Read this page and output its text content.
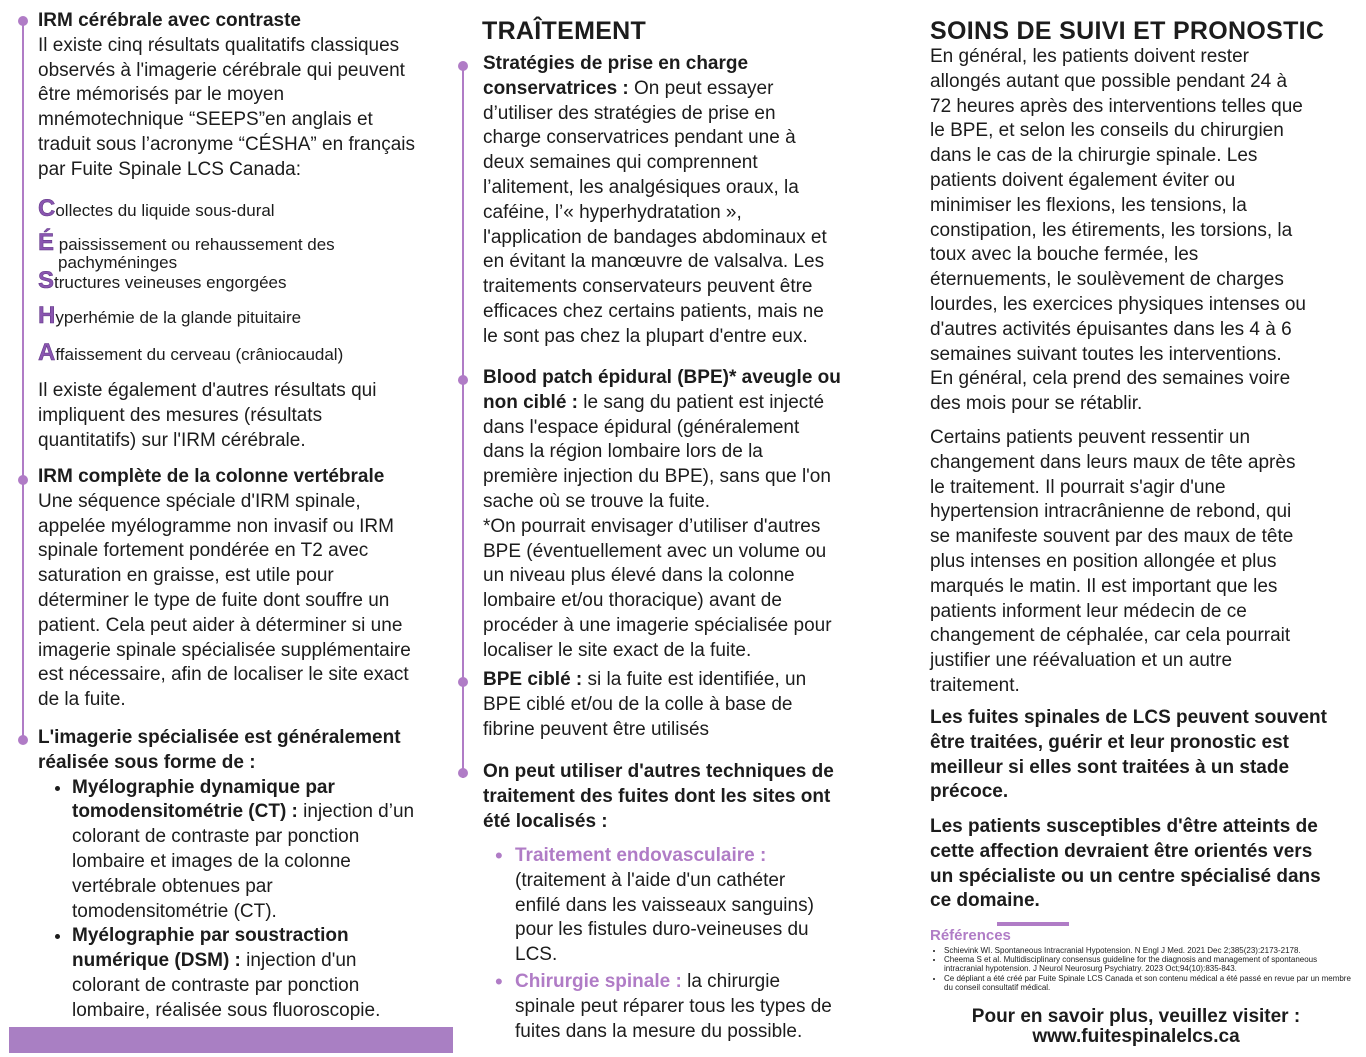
IRM cérébrale avec contraste
Il existe cinq résultats qualitatifs classiques
observés à l'imagerie cérébrale qui peuvent
être mémorisés par le moyen
mnémotechnique “SEEPS”en anglais et
traduit sous l’acronyme “CÉSHA” en français
par Fuite Spinale LCS Canada:
Collectes du liquide sous-dural
É paississement ou rehaussement des
pachyméninges
Structures veineuses engorgées
Hyperhémie de la glande pituitaire
Affaissement du cerveau (crâniocaudal)
Il existe également d'autres résultats qui
impliquent des mesures (résultats
quantitatifs) sur l'IRM cérébrale.
IRM complète de la colonne vertébrale
Une séquence spéciale d'IRM spinale,
appelée myélogramme non invasif ou IRM
spinale fortement pondérée en T2 avec
saturation en graisse, est utile pour
déterminer le type de fuite dont souffre un
patient. Cela peut aider à déterminer si une
imagerie spinale spécialisée supplémentaire
est nécessaire, afin de localiser le site exact
de la fuite.
L'imagerie spécialisée est généralement
réalisée sous forme de :
• Myélographie dynamique par
tomodensitométrie (CT) : injection d’un
colorant de contraste par ponction
lombaire et images de la colonne
vertébrale obtenues par
tomodensitométrie (CT).
• Myélographie par soustraction
numérique (DSM) : injection d'un
colorant de contraste par ponction
lombaire, réalisée sous fluoroscopie.
TRAÎTEMENT
Stratégies de prise en charge
conservatrices : On peut essayer
d’utiliser des stratégies de prise en
charge conservatrices pendant une à
deux semaines qui comprennent
l’alitement, les analgésiques oraux, la
caféine, l’« hyperhydratation »,
l'application de bandages abdominaux et
en évitant la manœuvre de valsalva. Les
traitements conservateurs peuvent être
efficaces chez certains patients, mais ne
le sont pas chez la plupart d'entre eux.
Blood patch épidural (BPE)* aveugle ou
non ciblé : le sang du patient est injecté
dans l'espace épidural (généralement
dans la région lombaire lors de la
première injection du BPE), sans que l'on
sache où se trouve la fuite.
*On pourrait envisager d’utiliser d'autres
BPE (éventuellement avec un volume ou
un niveau plus élevé dans la colonne
lombaire et/ou thoracique) avant de
procéder à une imagerie spécialisée pour
localiser le site exact de la fuite.
BPE ciblé : si la fuite est identifiée, un
BPE ciblé et/ou de la colle à base de
fibrine peuvent être utilisés
On peut utiliser d'autres techniques de
traitement des fuites dont les sites ont
été localisés :
• Traitement endovasculaire :
(traitement à l'aide d'un cathéter
enfilé dans les vaisseaux sanguins)
pour les fistules duro-veineuses du
LCS.
• Chirurgie spinale : la chirurgie
spinale peut réparer tous les types de
fuites dans la mesure du possible.
SOINS DE SUIVI ET PRONOSTIC
En général, les patients doivent rester
allongés autant que possible pendant 24 à
72 heures après des interventions telles que
le BPE, et selon les conseils du chirurgien
dans le cas de la chirurgie spinale. Les
patients doivent également éviter ou
minimiser les flexions, les tensions, la
constipation, les étirements, les torsions, la
toux avec la bouche fermée, les
éternuements, le soulèvement de charges
lourdes, les exercices physiques intenses ou
d'autres activités épuisantes dans les 4 à 6
semaines suivant toutes les interventions.
En général, cela prend des semaines voire
des mois pour se rétablir.
Certains patients peuvent ressentir un
changement dans leurs maux de tête après
le traitement. Il pourrait s'agir d'une
hypertension intracrânienne de rebond, qui
se manifeste souvent par des maux de tête
plus intenses en position allongée et plus
marqués le matin. Il est important que les
patients informent leur médecin de ce
changement de céphalée, car cela pourrait
justifier une réévaluation et un autre
traitement.
Les fuites spinales de LCS peuvent souvent
être traitées, guérir et leur pronostic est
meilleur si elles sont traitées à un stade
précoce.
Les patients susceptibles d'être atteints de
cette affection devraient être orientés vers
un spécialiste ou un centre spécialisé dans
ce domaine.
Références
• Schievink WI. Spontaneous Intracranial Hypotension. N Engl J Med. 2021 Dec 2;385(23):2173-2178.
• Cheema S et al. Multidisciplinary consensus guideline for the diagnosis and management of spontaneous intracranial hypotension. J Neurol Neurosurg Psychiatry. 2023 Oct;94(10):835-843.
• Ce dépliant a été créé par Fuite Spinale LCS Canada et son contenu médical a été passé en revue par un membre du conseil consultatif médical.
Pour en savoir plus, veuillez visiter :
www.fuitespinalelcs.ca
